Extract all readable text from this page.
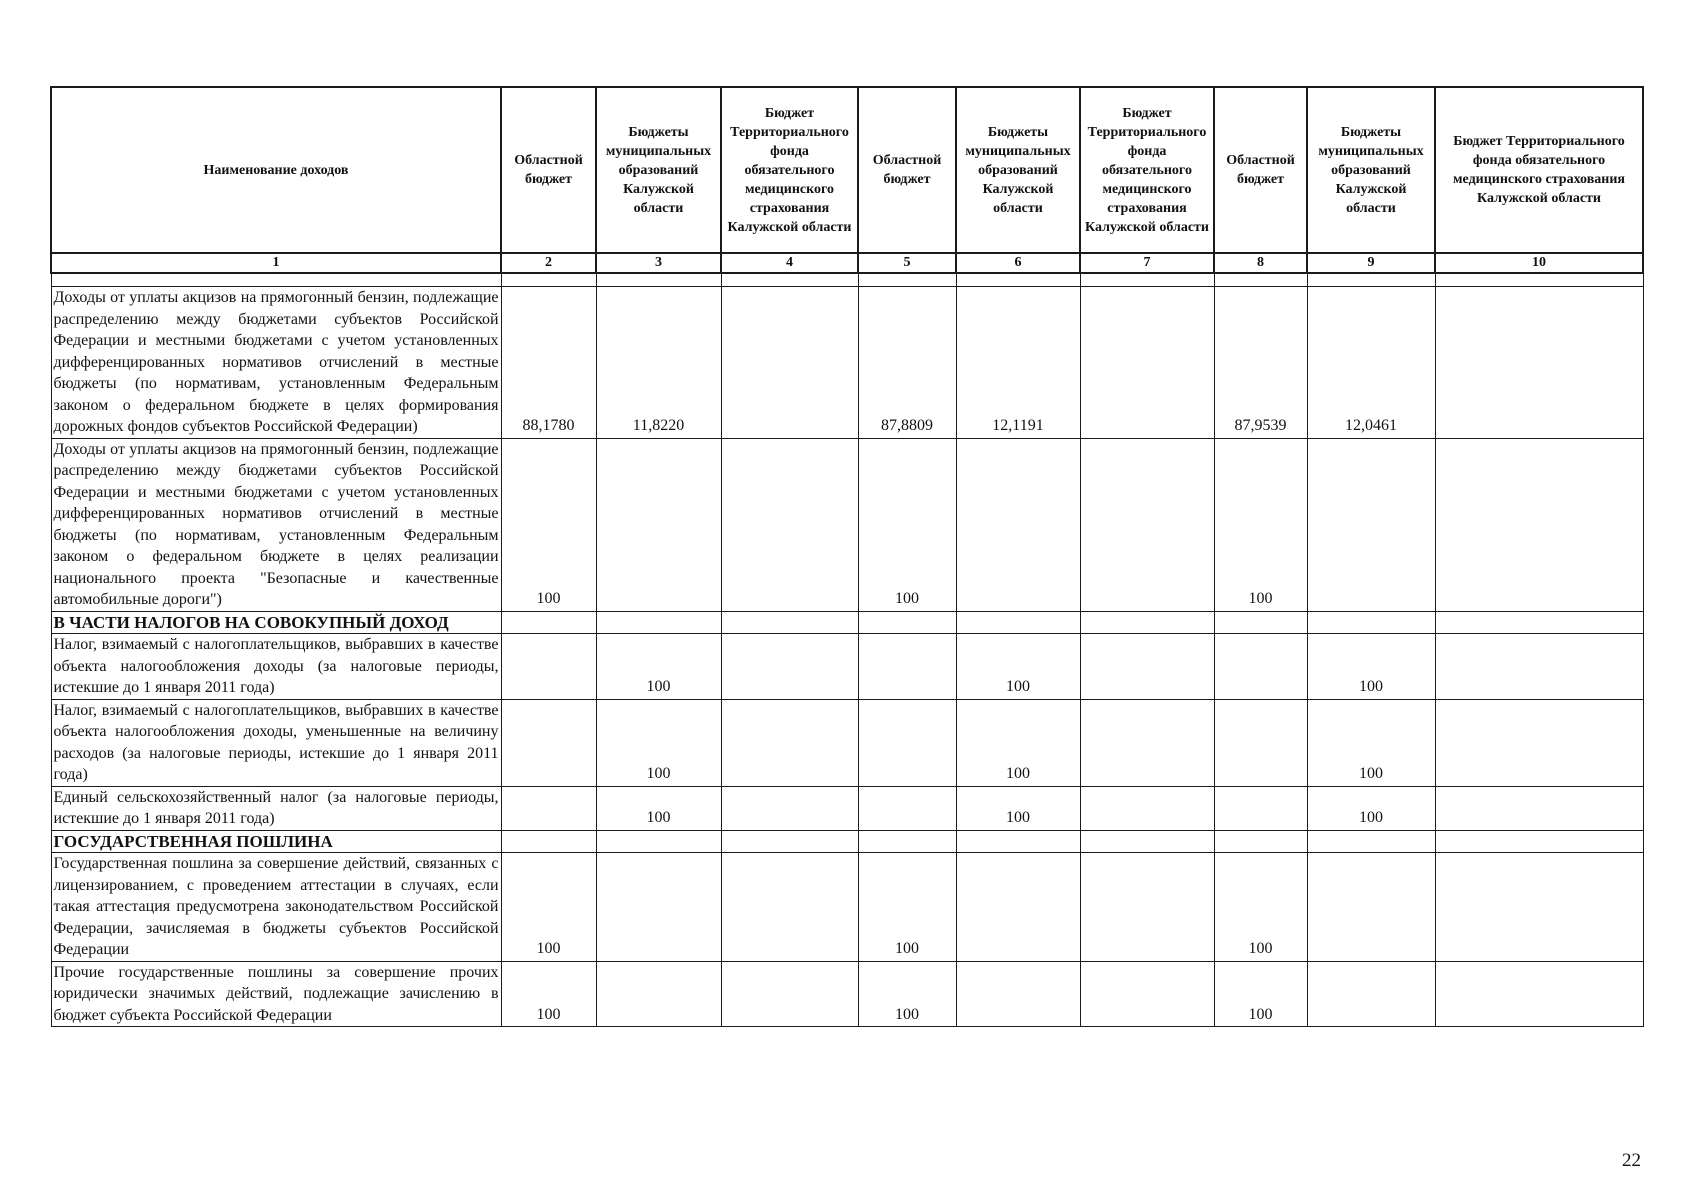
Наименование доходов	Областной бюджет	Бюджеты муниципальных образований Калужской области	Бюджет Территориального фонда обязательного медицинского страхования Калужской области	Областной бюджет	Бюджеты муниципальных образований Калужской области	Бюджет Территориального фонда обязательного медицинского страхования Калужской области	Областной бюджет	Бюджеты муниципальных образований Калужской области	Бюджет Территориального фонда обязательного медицинского страхования Калужской области
1	2	3	4	5	6	7	8	9	10

Доходы от уплаты акцизов на прямогонный бензин, подлежащие распределению между бюджетами субъектов Российской Федерации и местными бюджетами с учетом установленных дифференцированных нормативов отчислений в местные бюджеты (по нормативам, установленным Федеральным законом о федеральном бюджете в целях формирования дорожных фондов субъектов Российской Федерации)	88,1780	11,8220		87,8809	12,1191		87,9539	12,0461	
Доходы от уплаты акцизов на прямогонный бензин, подлежащие распределению между бюджетами субъектов Российской Федерации и местными бюджетами с учетом установленных дифференцированных нормативов отчислений в местные бюджеты (по нормативам, установленным Федеральным законом о федеральном бюджете в целях реализации национального проекта "Безопасные и качественные автомобильные дороги")	100			100			100		
В ЧАСТИ НАЛОГОВ НА СОВОКУПНЫЙ ДОХОД									
Налог, взимаемый с налогоплательщиков, выбравших в качестве объекта налогообложения доходы (за налоговые периоды, истекшие до 1 января 2011 года)		100			100			100	
Налог, взимаемый с налогоплательщиков, выбравших в качестве объекта налогообложения доходы, уменьшенные на величину расходов (за налоговые периоды, истекшие до 1 января 2011 года)		100			100			100	
Единый сельскохозяйственный налог (за налоговые периоды, истекшие до 1 января 2011 года)		100			100			100	
ГОСУДАРСТВЕННАЯ ПОШЛИНА									
Государственная пошлина за совершение действий, связанных с лицензированием, с проведением аттестации в случаях, если такая аттестация предусмотрена законодательством Российской Федерации, зачисляемая в бюджеты субъектов Российской Федерации	100			100			100		
Прочие государственные пошлины за совершение прочих юридически значимых действий, подлежащие зачислению в бюджет субъекта Российской Федерации	100			100			100		
22
